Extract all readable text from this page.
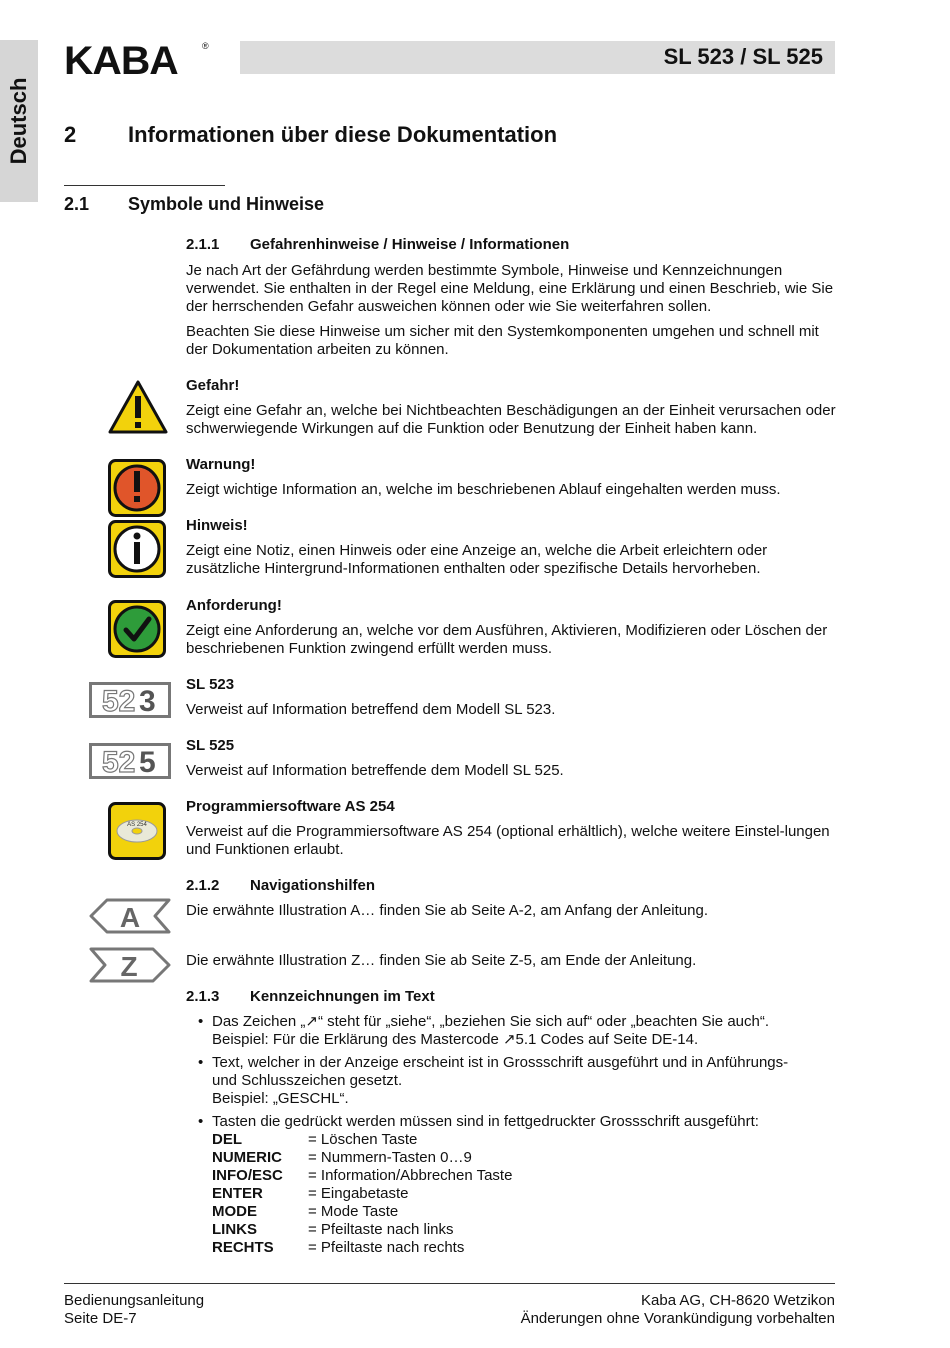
Deutsch
KABA	®	SL 523 / SL 525
2 Informationen über diese Dokumentation
2.1 Symbole und Hinweise
2.1.1 Gefahrenhinweise / Hinweise / Informationen

Je nach Art der Gefährdung werden bestimmte Symbole, Hinweise und Kennzeichnungen verwendet. Sie enthalten in der Regel eine Meldung, eine Erklärung und einen Beschrieb, wie Sie der herrschenden Gefahr ausweichen können oder wie Sie weiterfahren sollen.

Beachten Sie diese Hinweise um sicher mit den Systemkomponenten umgehen und schnell mit der Dokumentation arbeiten zu können.

Gefahr!

Zeigt eine Gefahr an, welche bei Nichtbeachten Beschädigungen an der Einheit verursachen oder schwerwiegende Wirkungen auf die Funktion oder Benutzung der Einheit haben kann.

Warnung!

Zeigt wichtige Information an, welche im beschriebenen Ablauf eingehalten werden muss.

Hinweis!

Zeigt eine Notiz, einen Hinweis oder eine Anzeige an, welche die Arbeit erleichtern oder zusätzliche Hintergrund-Informationen enthalten oder spezifische Details hervorheben.

Anforderung!

Zeigt eine Anforderung an, welche vor dem Ausführen, Aktivieren, Modifizieren oder Löschen der beschriebenen Funktion zwingend erfüllt werden muss.

52 3
SL 523

Verweist auf Information betreffend dem Modell SL 523.

52 5
SL 525

Verweist auf Information betreffende dem Modell SL 525.

AS 254
Programmiersoftware AS 254

Verweist auf die Programmiersoftware AS 254 (optional erhältlich), welche weitere Einstel-lungen und Funktionen erlaubt.

2.1.2 Navigationshilfen
A	Die erwähnte Illustration A… finden Sie ab Seite A-2, am Anfang der Anleitung.

Z	Die erwähnte Illustration Z… finden Sie ab Seite Z-5, am Ende der Anleitung.

2.1.3 Kennzeichnungen im Text
• Das Zeichen „↗“ steht für „siehe“, „beziehen Sie sich auf“ oder „beachten Sie auch“.

Beispiel: Für die Erklärung des Mastercode ↗5.1 Codes auf Seite DE-14.

• Text, welcher in der Anzeige erscheint ist in Grossschrift ausgeführt und in Anführungs-

und Schlusszeichen gesetzt.

Beispiel: „GESCHL“.

• Tasten die gedrückt werden müssen sind in fettgedruckter Grossschrift ausgeführt:

DEL	= Löschen Taste
NUMERIC	= Nummern-Tasten 0…9
INFO/ESC	= Information/Abbrechen Taste
ENTER	= Eingabetaste
MODE	= Mode Taste
LINKS	= Pfeiltaste nach links
RECHTS	= Pfeiltaste nach rechts
Bedienungsanleitung
Seite DE-7
Kaba AG, CH-8620 Wetzikon
Änderungen ohne Vorankündigung vorbehalten
